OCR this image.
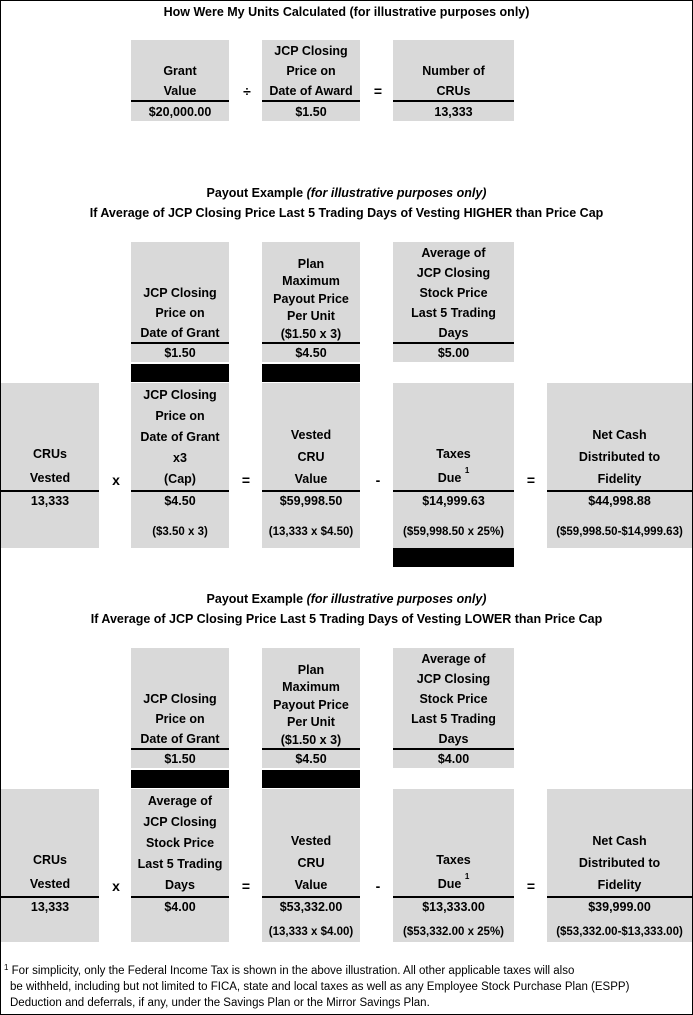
How Were My Units Calculated (for illustrative purposes only)
Grant
Value
$20,000.00
÷
JCP Closing
Price on
Date of Award
$1.50
=
Number of
CRUs
13,333
Payout Example (for illustrative purposes only)
If Average of JCP Closing Price Last 5 Trading Days of Vesting HIGHER than Price Cap
JCP Closing
Price on
Date of Grant
$1.50
Plan
Maximum
Payout Price
Per Unit
($1.50 x 3)
$4.50
Average of
JCP Closing
Stock Price
Last 5 Trading
Days
$5.00
CRUs
Vested
13,333
x
JCP Closing
Price on
Date of Grant
x3
(Cap)
$4.50
($3.50 x 3)
=
Vested
CRU
Value
$59,998.50
(13,333 x $4.50)
-
Taxes
Due $^1$
$14,999.63
($59,998.50 x 25%)
=
Net Cash
Distributed to
Fidelity
$44,998.88
($59,998.50-$14,999.63)
Payout Example (for illustrative purposes only)
If Average of JCP Closing Price Last 5 Trading Days of Vesting LOWER than Price Cap
JCP Closing
Price on
Date of Grant
$1.50
Plan
Maximum
Payout Price
Per Unit
($1.50 x 3)
$4.50
Average of
JCP Closing
Stock Price
Last 5 Trading
Days
$4.00
CRUs
Vested
13,333
x
Average of
JCP Closing
Stock Price
Last 5 Trading
Days
$4.00
=
Vested
CRU
Value
$53,332.00
(13,333 x $4.00)
-
Taxes
Due $^1$
$13,333.00
($53,332.00 x 25%)
=
Net Cash
Distributed to
Fidelity
$39,999.00
($53,332.00-$13,333.00)
$^1$ For simplicity, only the Federal Income Tax is shown in the above illustration. All other applicable taxes will also
be withheld, including but not limited to FICA, state and local taxes as well as any Employee Stock Purchase Plan (ESPP)
Deduction and deferrals, if any, under the Savings Plan or the Mirror Savings Plan.
